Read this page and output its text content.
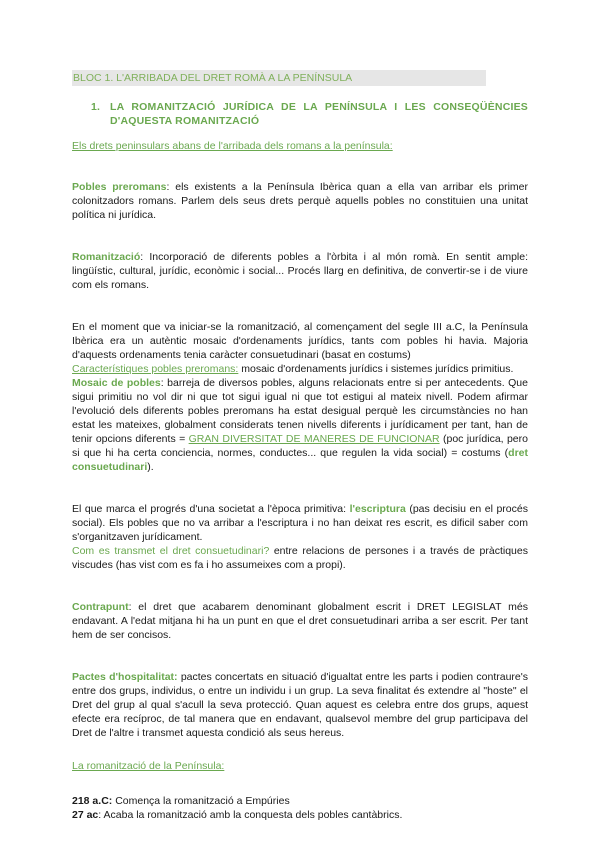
BLOC 1. L'ARRIBADA DEL DRET ROMÀ A LA PENÍNSULA
1. LA ROMANITZACIÓ JURÍDICA DE LA PENÍNSULA I LES CONSEQÜÈNCIES D'AQUESTA ROMANITZACIÓ
Els drets peninsulars abans de l'arribada dels romans a la península:

Pobles preromans: els existents a la Península Ibèrica quan a ella van arribar els primer colonitzadors romans. Parlem dels seus drets perquè aquells pobles no constituien una unitat política ni jurídica.

Romanització: Incorporació de diferents pobles a l'òrbita i al món romà. En sentit ample: lingüístic, cultural, jurídic, econòmic i social... Procés llarg en definitiva, de convertir-se i de viure com els romans.

En el moment que va iniciar-se la romanització, al començament del segle III a.C, la Península Ibèrica era un autèntic mosaic d'ordenaments jurídics, tants com pobles hi havia. Majoria d'aquests ordenaments tenia caràcter consuetudinari (basat en costums)

Característiques pobles preromans: mosaic d'ordenaments jurídics i sistemes jurídics primitius.

Mosaic de pobles: barreja de diversos pobles, alguns relacionats entre si per antecedents. Que sigui primitiu no vol dir ni que tot sigui igual ni que tot estigui al mateix nivell. Podem afirmar l'evolució dels diferents pobles preromans ha estat desigual perquè les circumstàncies no han estat les mateixes, globalment considerats tenen nivells diferents i jurídicament per tant, han de tenir opcions diferents = GRAN DIVERSITAT DE MANERES DE FUNCIONAR (poc jurídica, pero si que hi ha certa conciencia, normes, conductes... que regulen la vida social) = costums (dret consuetudinari).

El que marca el progrés d'una societat a l'època primitiva: l'escriptura (pas decisiu en el procés social). Els pobles que no va arribar a l'escriptura i no han deixat res escrit, es dificil saber com s'organitzaven jurídicament.

Com es transmet el dret consuetudinari? entre relacions de persones i a través de pràctiques viscudes (has vist com es fa i ho assumeixes com a propi).

Contrapunt: el dret que acabarem denominant globalment escrit i DRET LEGISLAT més endavant. A l'edat mitjana hi ha un punt en que el dret consuetudinari arriba a ser escrit. Per tant hem de ser concisos.

Pactes d'hospitalitat: pactes concertats en situació d'igualtat entre les parts i podien contraure's entre dos grups, individus, o entre un individu i un grup. La seva finalitat és extendre al "hoste" el Dret del grup al qual s'acull la seva protecció. Quan aquest es celebra entre dos grups, aquest efecte era recíproc, de tal manera que en endavant, qualsevol membre del grup participava del Dret de l'altre i transmet aquesta condició als seus hereus.

La romanització de la Península:

218 a.C: Comença la romanització a Empúries

27 ac: Acaba la romanització amb la conquesta dels pobles cantàbrics.
